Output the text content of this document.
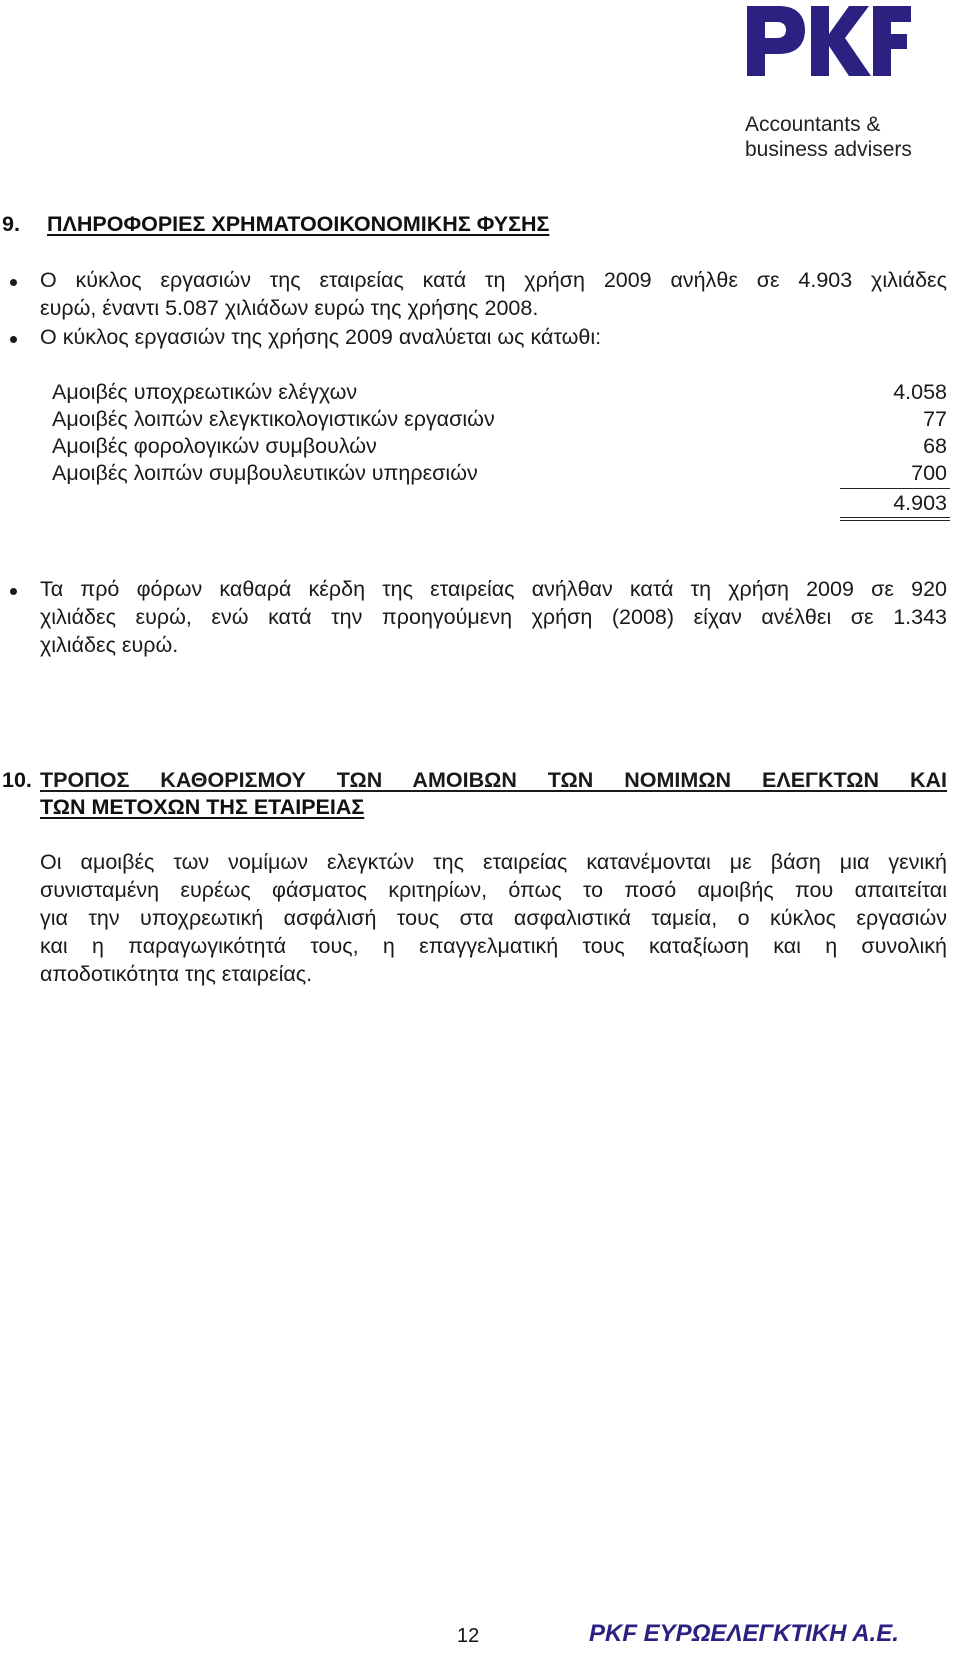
Accountants &
business advisers
9. ΠΛΗΡΟΦΟΡΙΕΣ ΧΡΗΜΑΤΟΟΙΚΟΝΟΜΙΚΗΣ ΦΥΣΗΣ
Ο κύκλος εργασιών της εταιρείας κατά τη χρήση 2009 ανήλθε σε 4.903 χιλιάδες
ευρώ, έναντι 5.087 χιλιάδων ευρώ της χρήσης 2008.
Ο κύκλος εργασιών της χρήσης 2009 αναλύεται ως κάτωθι:
Αμοιβές υποχρεωτικών ελέγχων	4.058
Αμοιβές λοιπών ελεγκτικολογιστικών εργασιών	77
Αμοιβές φορολογικών συμβουλών	68
Αμοιβές λοιπών συμβουλευτικών υπηρεσιών	700
4.903
Τα πρό φόρων καθαρά κέρδη της εταιρείας ανήλθαν κατά τη χρήση 2009 σε 920
χιλιάδες ευρώ, ενώ κατά την προηγούμενη χρήση (2008) είχαν ανέλθει σε 1.343
χιλιάδες ευρώ.
10. ΤΡΟΠΟΣ ΚΑΘΟΡΙΣΜΟΥ ΤΩΝ ΑΜΟΙΒΩΝ ΤΩΝ ΝΟΜΙΜΩΝ ΕΛΕΓΚΤΩΝ ΚΑΙ
ΤΩΝ ΜΕΤΟΧΩΝ ΤΗΣ ΕΤΑΙΡΕΙΑΣ
Οι αμοιβές των νομίμων ελεγκτών της εταιρείας κατανέμονται με βάση μια γενική
συνισταμένη ευρέως φάσματος κριτηρίων, όπως το ποσό αμοιβής που απαιτείται
για την υποχρεωτική ασφάλισή τους στα ασφαλιστικά ταμεία, ο κύκλος εργασιών
και η παραγωγικότητά τους, η επαγγελματική τους καταξίωση και η συνολική
αποδοτικότητα της εταιρείας.
12	PKF ΕΥΡΩΕΛΕΓΚΤΙΚΗ Α.Ε.
